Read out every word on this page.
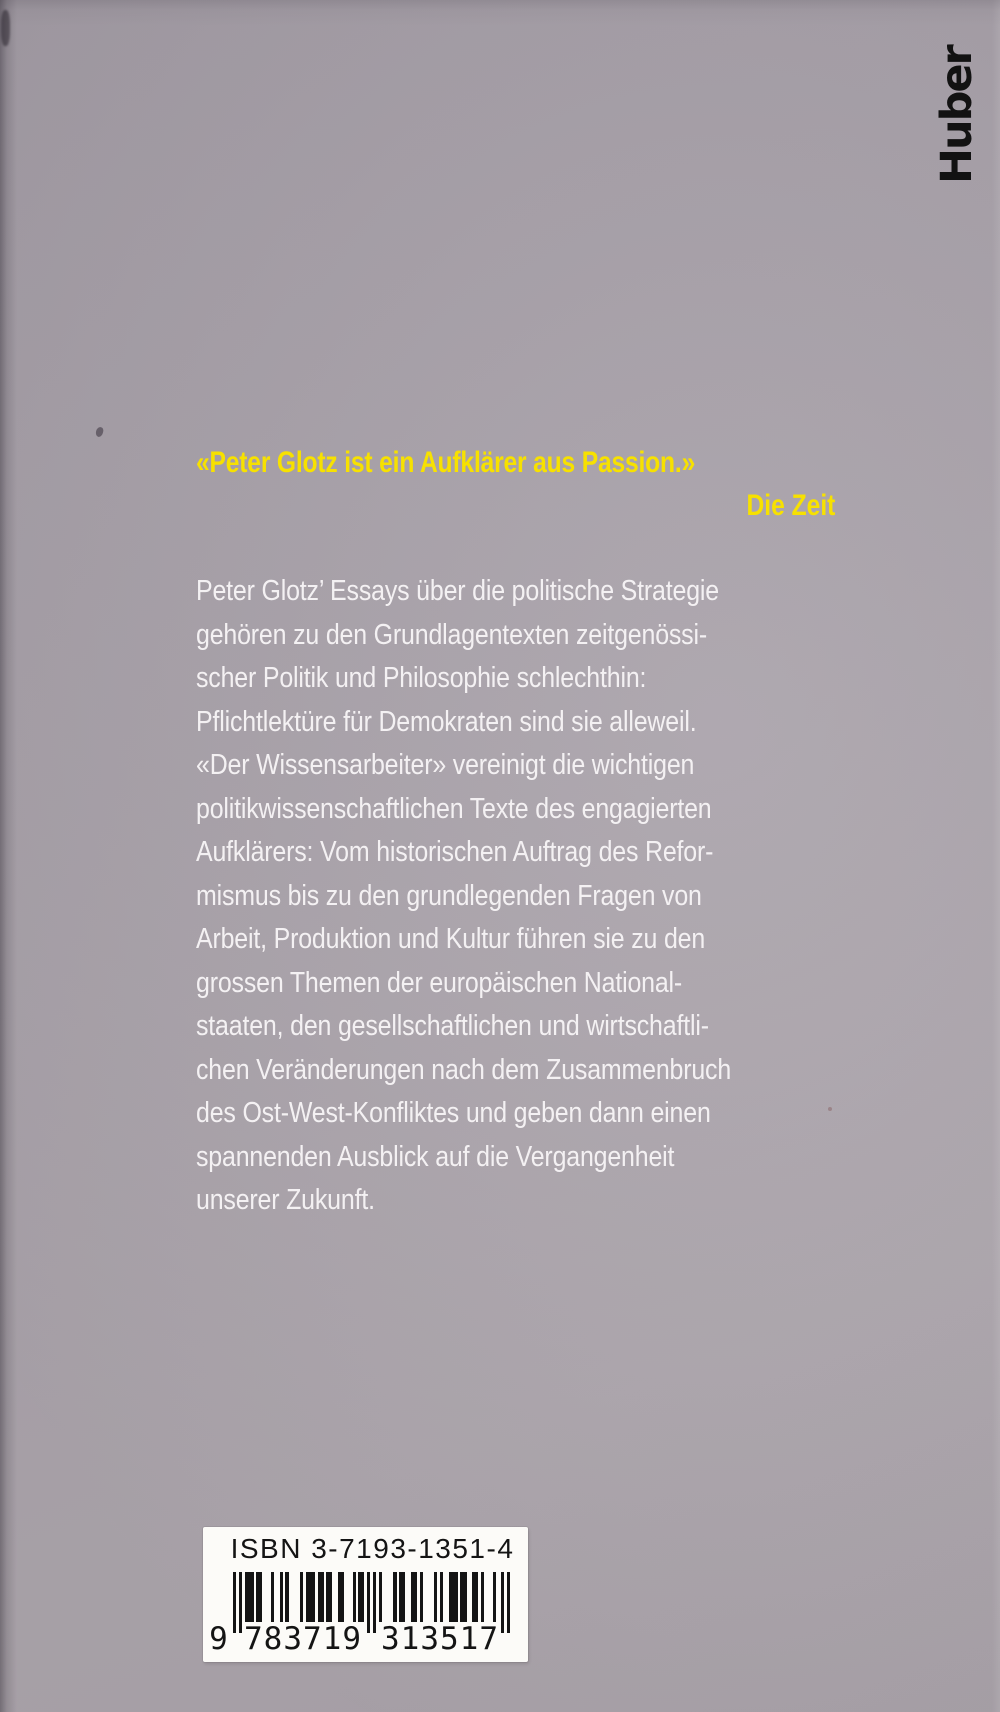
Huber
«Peter Glotz ist ein Aufklärer aus Passion.»
Die Zeit
Peter Glotz’ Essays über die politische Strategie
gehören zu den Grundlagentexten zeitgenössi-
scher Politik und Philosophie schlechthin:
Pflichtlektüre für Demokraten sind sie alleweil.
«Der Wissensarbeiter» vereinigt die wichtigen
politikwissenschaftlichen Texte des engagierten
Aufklärers: Vom historischen Auftrag des Refor-
mismus bis zu den grundlegenden Fragen von
Arbeit, Produktion und Kultur führen sie zu den
grossen Themen der europäischen National-
staaten, den gesellschaftlichen und wirtschaftli-
chen Veränderungen nach dem Zusammenbruch
des Ost-West-Konfliktes und geben dann einen
spannenden Ausblick auf die Vergangenheit
unserer Zukunft.
ISBN 3-7193-1351-4
9 783719 313517
